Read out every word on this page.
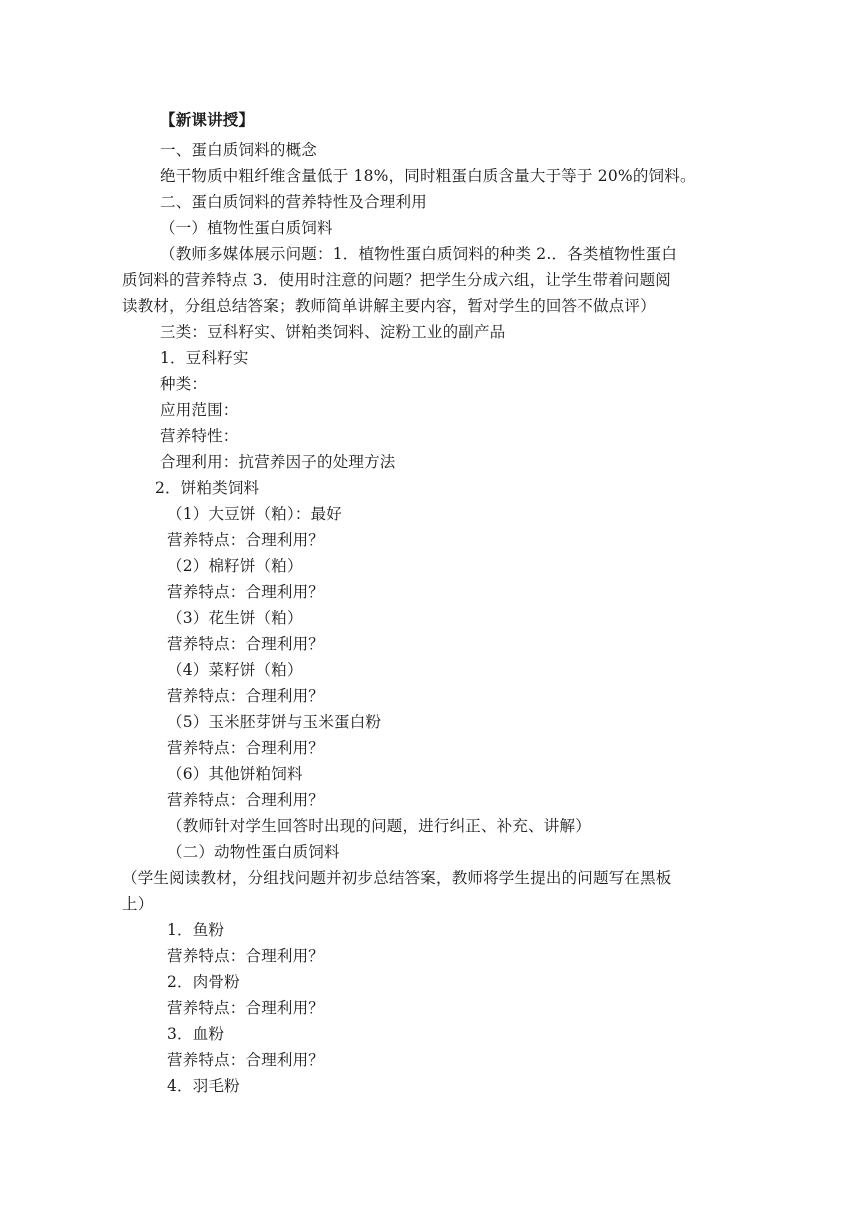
【新课讲授】
一、蛋白质饲料的概念
绝干物质中粗纤维含量低于 18%，同时粗蛋白质含量大于等于 20%的饲料。
二、蛋白质饲料的营养特性及合理利用
（一）植物性蛋白质饲料
（教师多媒体展示问题：1．植物性蛋白质饲料的种类 2.．各类植物性蛋白
质饲料的营养特点 3．使用时注意的问题？把学生分成六组，让学生带着问题阅
读教材，分组总结答案；教师简单讲解主要内容，暂对学生的回答不做点评）
三类：豆科籽实、饼粕类饲料、淀粉工业的副产品
1．豆科籽实
种类：
应用范围：
营养特性：
合理利用：抗营养因子的处理方法
2．饼粕类饲料
（1）大豆饼（粕）：最好
营养特点：合理利用？
（2）棉籽饼（粕）
营养特点：合理利用？
（3）花生饼（粕）
营养特点：合理利用？
（4）菜籽饼（粕）
营养特点：合理利用？
（5）玉米胚芽饼与玉米蛋白粉
营养特点：合理利用？
（6）其他饼粕饲料
营养特点：合理利用？
（教师针对学生回答时出现的问题，进行纠正、补充、讲解）
（二）动物性蛋白质饲料
（学生阅读教材，分组找问题并初步总结答案，教师将学生提出的问题写在黑板
上）
1．鱼粉
营养特点：合理利用？
2．肉骨粉
营养特点：合理利用？
3．血粉
营养特点：合理利用？
4．羽毛粉
